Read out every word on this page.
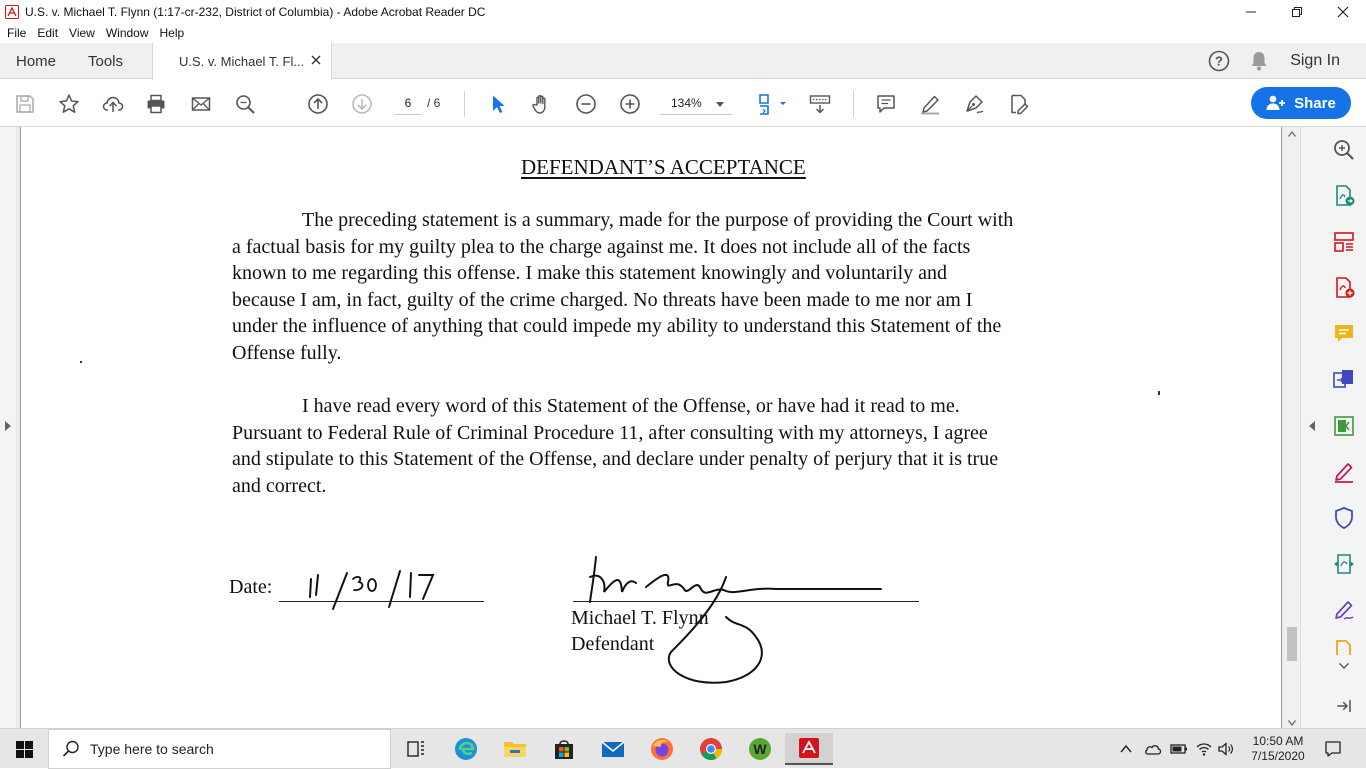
U.S. v. Michael T. Flynn (1:17-cr-232, District of Columbia) - Adobe Acrobat Reader DC
File Edit View Window Help
Home Tools	U.S. v. Michael T. Fl...	?	Sign In
6	/ 6	134%	Share
DEFENDANT’S ACCEPTANCE
The preceding statement is a summary, made for the purpose of providing the Court with
a factual basis for my guilty plea to the charge against me. It does not include all of the facts
known to me regarding this offense. I make this statement knowingly and voluntarily and
because I am, in fact, guilty of the crime charged. No threats have been made to me nor am I
under the influence of anything that could impede my ability to understand this Statement of the
Offense fully.
I have read every word of this Statement of the Offense, or have had it read to me.
Pursuant to Federal Rule of Criminal Procedure 11, after consulting with my attorneys, I agree
and stipulate to this Statement of the Offense, and declare under penalty of perjury that it is true
and correct.
Date:
Michael T. Flynn
Defendant
Type here to search	W	10:50 AM
7/15/2020
